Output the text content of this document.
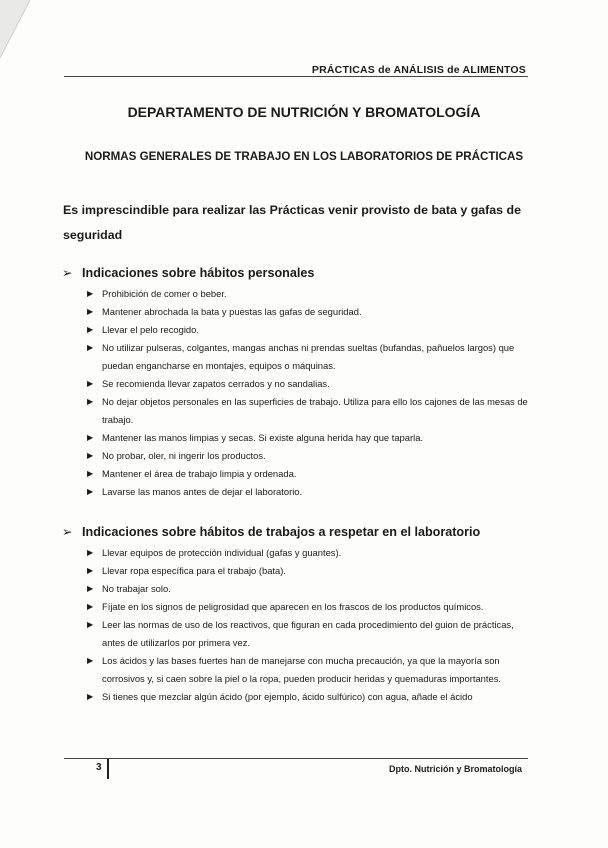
PRÁCTICAS de ANÁLISIS de ALIMENTOS
DEPARTAMENTO DE NUTRICIÓN Y BROMATOLOGÍA
NORMAS GENERALES DE TRABAJO EN LOS LABORATORIOS DE PRÁCTICAS
Es imprescindible para realizar las Prácticas venir provisto de bata y gafas de seguridad
➢ Indicaciones sobre hábitos personales
▶ Prohibición de comer o beber.
▶ Mantener abrochada la bata y puestas las gafas de seguridad.
▶ Llevar el pelo recogido.
▶ No utilizar pulseras, colgantes, mangas anchas ni prendas sueltas (bufandas, pañuelos largos) que puedan engancharse en montajes, equipos o máquinas.
▶ Se recomienda llevar zapatos cerrados y no sandalias.
▶ No dejar objetos personales en las superficies de trabajo. Utiliza para ello los cajones de las mesas de trabajo.
▶ Mantener las manos limpias y secas. Si existe alguna herida hay que taparla.
▶ No probar, oler, ni ingerir los productos.
▶ Mantener el área de trabajo limpia y ordenada.
▶ Lavarse las manos antes de dejar el laboratorio.
➢ Indicaciones sobre hábitos de trabajos a respetar en el laboratorio
▶ Llevar equipos de protección individual (gafas y guantes).
▶ Llevar ropa específica para el trabajo (bata).
▶ No trabajar solo.
▶ Fíjate en los signos de peligrosidad que aparecen en los frascos de los productos químicos.
▶ Leer las normas de uso de los reactivos, que figuran en cada procedimiento del guion de prácticas, antes de utilizarlos por primera vez.
▶ Los ácidos y las bases fuertes han de manejarse con mucha precaución, ya que la mayoría son corrosivos y, si caen sobre la piel o la ropa, pueden producir heridas y quemaduras importantes.
▶ Si tienes que mezclar algún ácido (por ejemplo, ácido sulfúrico) con agua, añade el ácido
3	Dpto. Nutrición y Bromatología
